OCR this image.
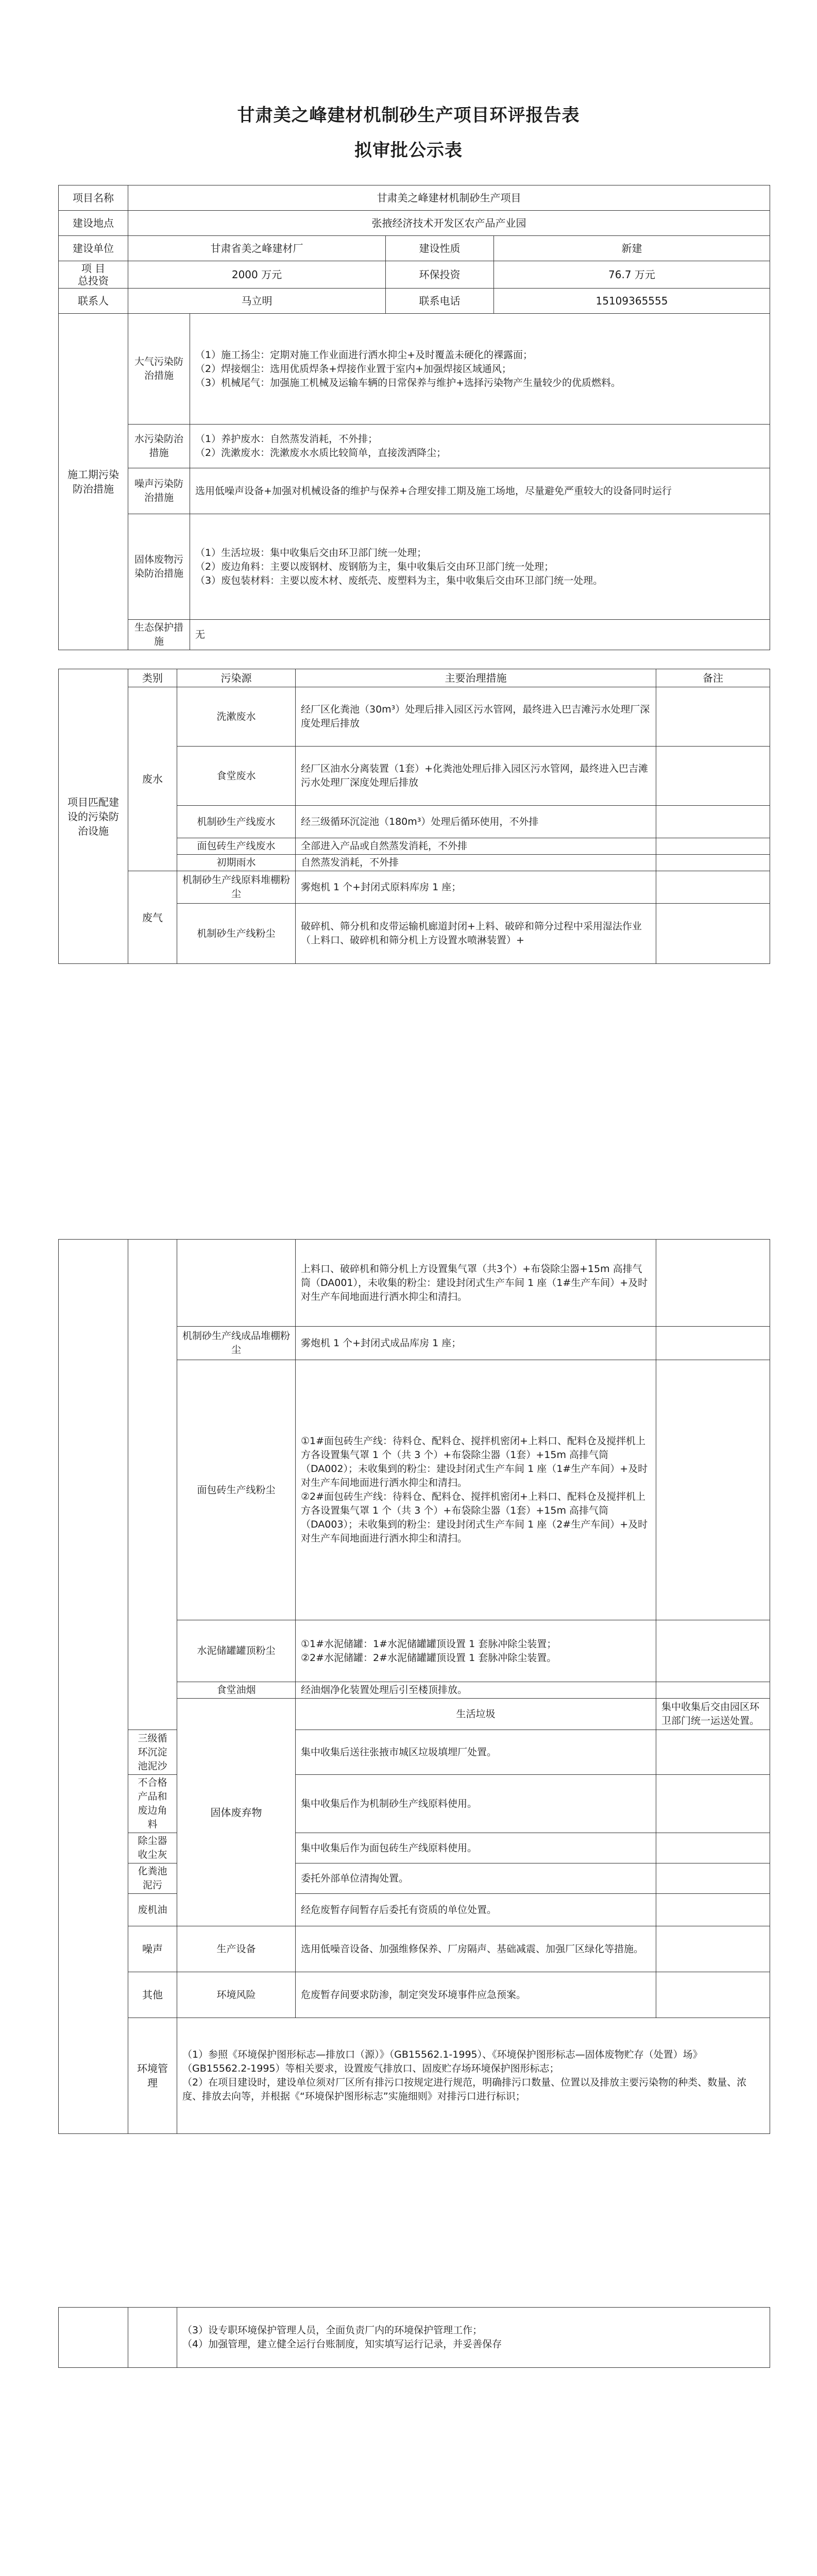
甘肃美之峰建材机制砂生产项目环评报告表
拟审批公示表
项目名称	甘肃美之峰建材机制砂生产项目			
建设地点	张掖经济技术开发区农产品产业园			
建设单位	甘肃省美之峰建材厂		建设性质	新建
项 目
总投资	2000 万元		环保投资	76.7 万元
联系人	马立明		联系电话	15109365555
施工期污染防治措施	大气污染防治措施	（1）施工扬尘：定期对施工作业面进行洒水抑尘+及时覆盖未硬化的裸露面；
（2）焊接烟尘：选用优质焊条+焊接作业置于室内+加强焊接区域通风；
（3）机械尾气：加强施工机械及运输车辆的日常保养与维护+选择污染物产生量较少的优质燃料。		
	水污染防治措施	（1）养护废水：自然蒸发消耗，不外排；
（2）洗漱废水：洗漱废水水质比较简单，直接泼洒降尘；		
	噪声污染防治措施	选用低噪声设备+加强对机械设备的维护与保养+合理安排工期及施工场地，尽量避免严重较大的设备同时运行		
	固体废物污染防治措施	（1）生活垃圾：集中收集后交由环卫部门统一处理；
（2）废边角料：主要以废钢材、废钢筋为主，集中收集后交由环卫部门统一处理；
（3）废包装材料：主要以废木材、废纸壳、废塑料为主，集中收集后交由环卫部门统一处理。		
	生态保护措施	无		
项目匹配建设的污染防治设施	类别	污染源	主要治理措施	备注
	废水	洗漱废水	经厂区化粪池（30m³）处理后排入园区污水管网，最终进入巴吉滩污水处理厂深度处理后排放	
		食堂废水	经厂区油水分离装置（1套）+化粪池处理后排入园区污水管网，最终进入巴吉滩污水处理厂深度处理后排放	
		机制砂生产线废水	经三级循环沉淀池（180m³）处理后循环使用，不外排	
		面包砖生产线废水	全部进入产品或自然蒸发消耗，不外排	
		初期雨水	自然蒸发消耗，不外排	
	废气	机制砂生产线原料堆棚粉尘	雾炮机 1 个+封闭式原料库房 1 座；	
		机制砂生产线粉尘	破碎机、筛分机和皮带运输机廊道封闭+上料、破碎和筛分过程中采用湿法作业（上料口、破碎机和筛分机上方设置水喷淋装置）+	
			上料口、破碎机和筛分机上方设置集气罩（共3个）+布袋除尘器+15m 高排气筒（DA001），未收集的粉尘：建设封闭式生产车间 1 座（1#生产车间）+及时对生产车间地面进行洒水抑尘和清扫。		
		机制砂生产线成品堆棚粉尘	雾炮机 1 个+封闭式成品库房 1 座；		
		面包砖生产线粉尘	①1#面包砖生产线：待料仓、配料仓、搅拌机密闭+上料口、配料仓及搅拌机上方各设置集气罩 1 个（共 3 个）+布袋除尘器（1套）+15m 高排气筒（DA002）；未收集到的粉尘：建设封闭式生产车间 1 座（1#生产车间）+及时对生产车间地面进行洒水抑尘和清扫。
②2#面包砖生产线：待料仓、配料仓、搅拌机密闭+上料口、配料仓及搅拌机上方各设置集气罩 1 个（共 3 个）+布袋除尘器（1套）+15m 高排气筒（DA003）；未收集到的粉尘：建设封闭式生产车间 1 座（2#生产车间）+及时对生产车间地面进行洒水抑尘和清扫。		
		水泥储罐罐顶粉尘	①1#水泥储罐：1#水泥储罐罐顶设置 1 套脉冲除尘装置；
②2#水泥储罐：2#水泥储罐罐顶设置 1 套脉冲除尘装置。		
		食堂油烟	经油烟净化装置处理后引至楼顶排放。		
		固体废弃物	生活垃圾	集中收集后交由园区环卫部门统一运送处置。	
	三级循环沉淀池泥沙		集中收集后送往张掖市城区垃圾填埋厂处置。		
	不合格产品和废边角料		集中收集后作为机制砂生产线原料使用。		
	除尘器收尘灰		集中收集后作为面包砖生产线原料使用。		
	化粪池泥污		委托外部单位清掏处置。		
	废机油		经危废暂存间暂存后委托有资质的单位处置。		
	噪声	生产设备	选用低噪音设备、加强维修保养、厂房隔声、基础减震、加强厂区绿化等措施。		
	其他	环境风险	危废暂存间要求防渗，制定突发环境事件应急预案。		
	环境管理	（1）参照《环境保护图形标志—排放口（源）》（GB15562.1-1995）、《环境保护图形标志—固体废物贮存（处置）场》（GB15562.2-1995）等相关要求，设置废气排放口、固废贮存场环境保护图形标志；
（2）在项目建设时，建设单位须对厂区所有排污口按规定进行规范，明确排污口数量、位置以及排放主要污染物的种类、数量、浓度、排放去向等，并根据《“环境保护图形标志”实施细则》对排污口进行标识；			
		（3）设专职环境保护管理人员，全面负责厂内的环境保护管理工作；
（4）加强管理，建立健全运行台账制度，知实填写运行记录，并妥善保存
